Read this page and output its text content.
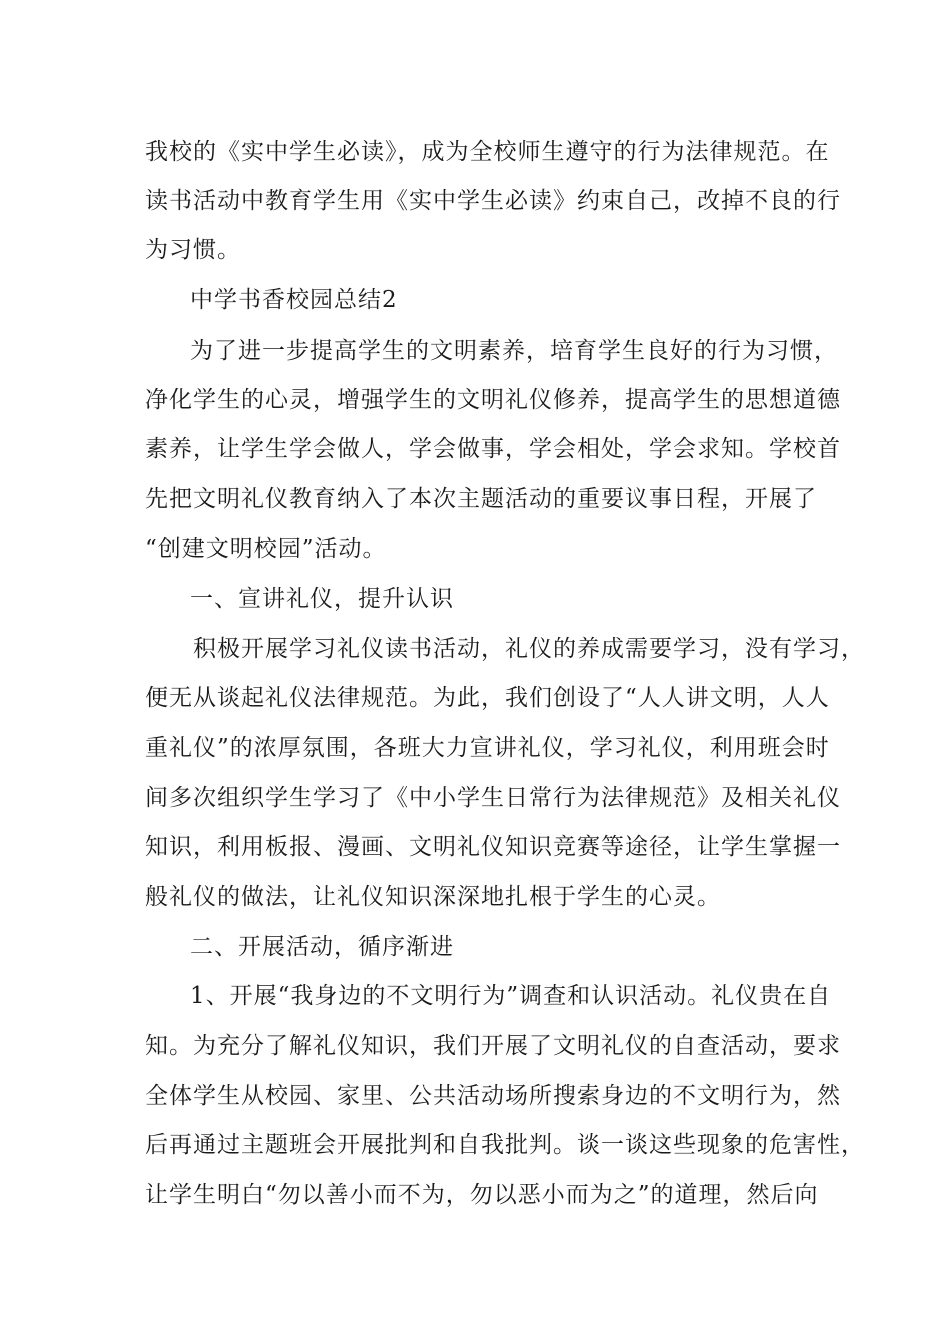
我校的《实中学生必读》，成为全校师生遵守的行为法律规范。在
读书活动中教育学生用《实中学生必读》约束自己，改掉不良的行
为习惯。
中学书香校园总结2
为了进一步提高学生的文明素养，培育学生良好的行为习惯，
净化学生的心灵，增强学生的文明礼仪修养，提高学生的思想道德
素养，让学生学会做人，学会做事，学会相处，学会求知。学校首
先把文明礼仪教育纳入了本次主题活动的重要议事日程，开展了
“创建文明校园”活动。
一、宣讲礼仪，提升认识
积极开展学习礼仪读书活动，礼仪的养成需要学习，没有学习，
便无从谈起礼仪法律规范。为此，我们创设了“人人讲文明，人人
重礼仪”的浓厚氛围，各班大力宣讲礼仪，学习礼仪，利用班会时
间多次组织学生学习了《中小学生日常行为法律规范》及相关礼仪
知识，利用板报、漫画、文明礼仪知识竞赛等途径，让学生掌握一
般礼仪的做法，让礼仪知识深深地扎根于学生的心灵。
二、开展活动，循序渐进
1、开展“我身边的不文明行为”调查和认识活动。礼仪贵在自
知。为充分了解礼仪知识，我们开展了文明礼仪的自查活动，要求
全体学生从校园、家里、公共活动场所搜索身边的不文明行为，然
后再通过主题班会开展批判和自我批判。谈一谈这些现象的危害性，
让学生明白“勿以善小而不为，勿以恶小而为之”的道理，然后向
